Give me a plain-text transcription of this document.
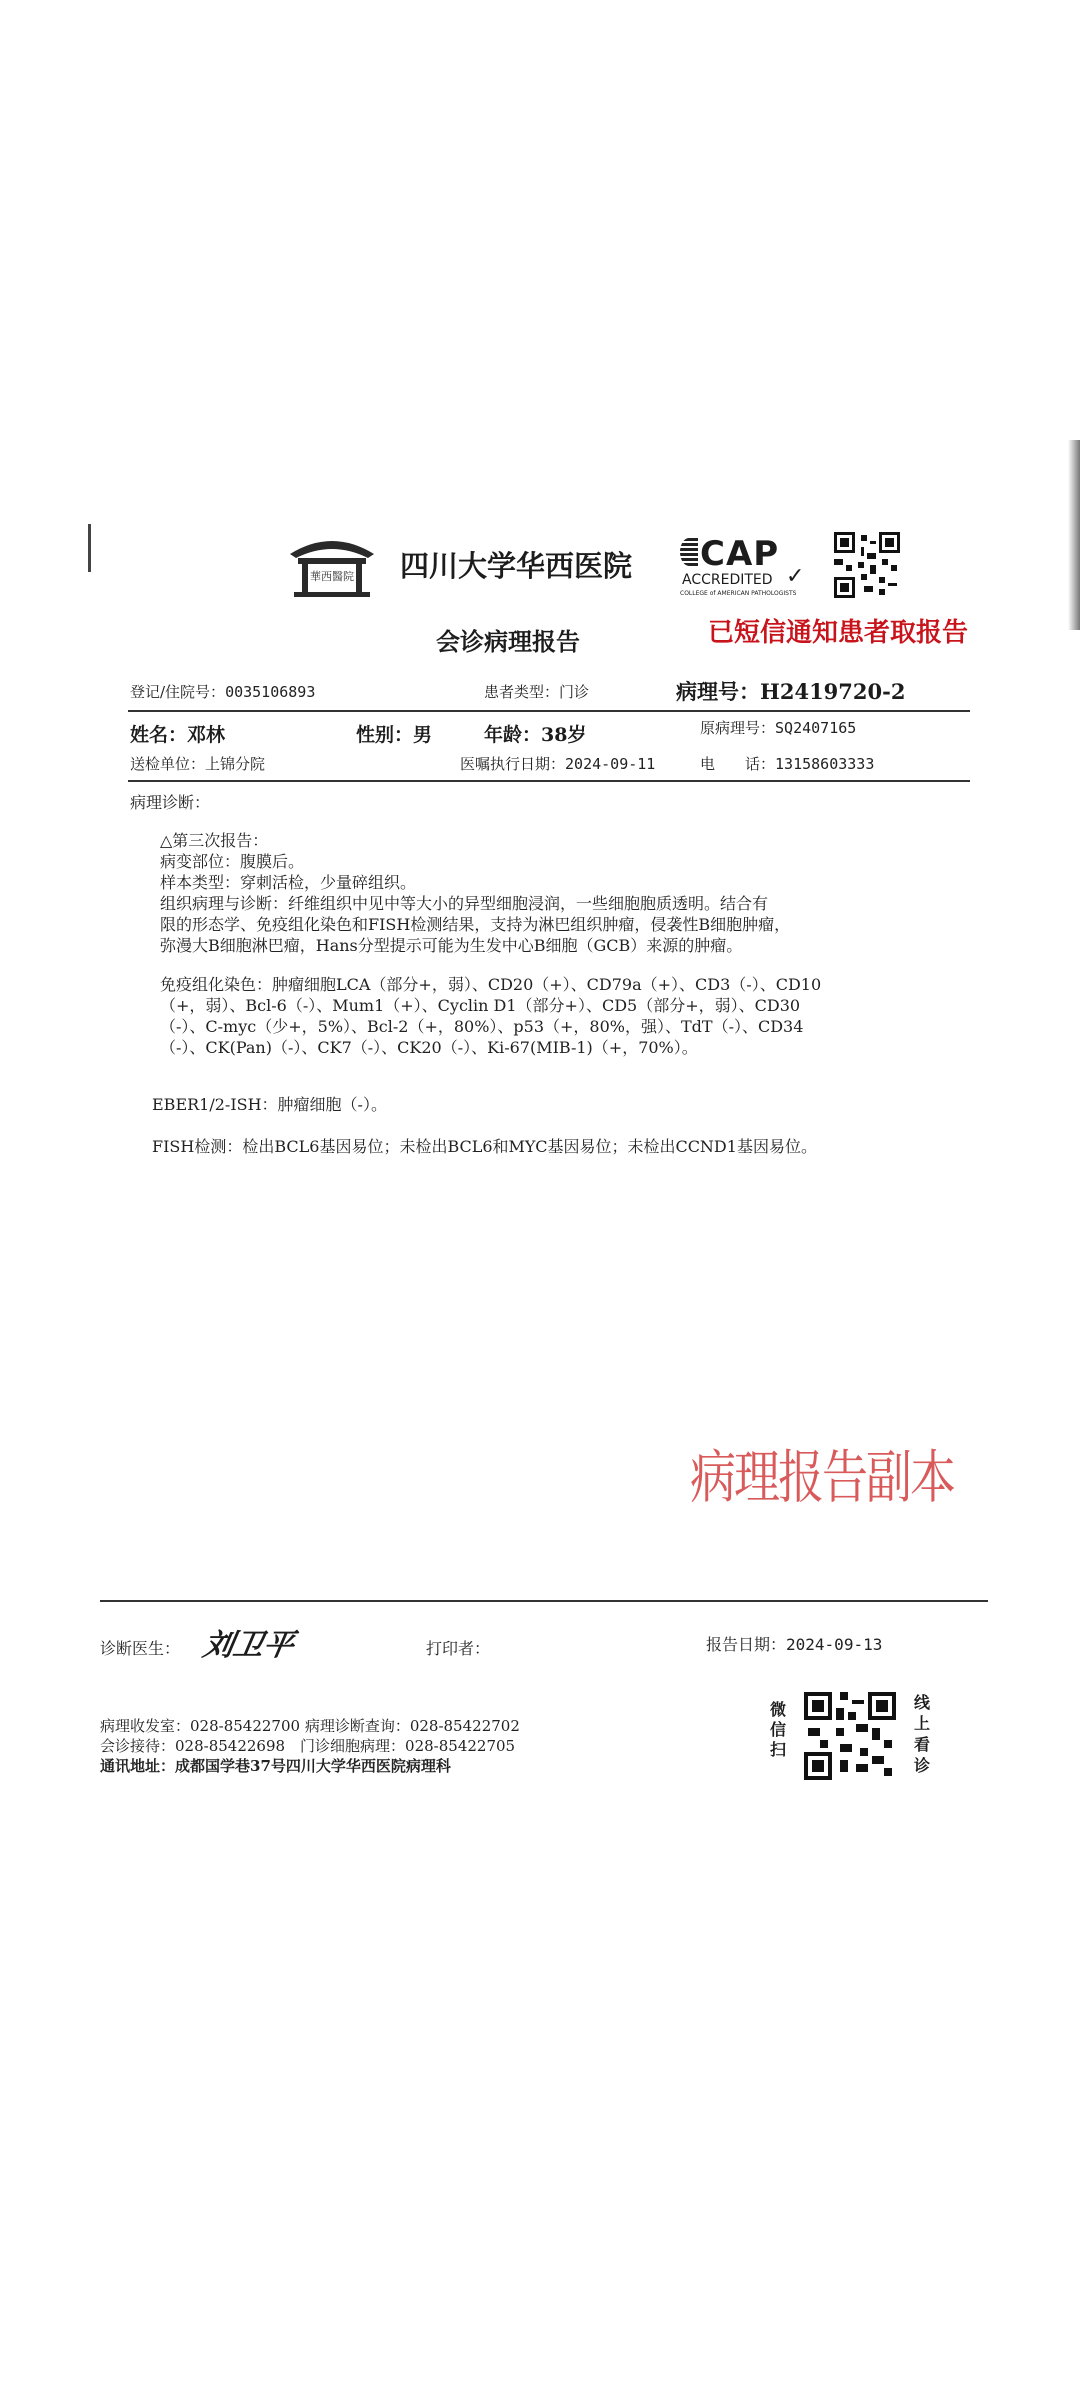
華西醫院 四川大学华西医院 CAP
ACCREDITED ✓
COLLEGE of AMERICAN PATHOLOGISTS
会诊病理报告	已短信通知患者取报告
登记/住院号：0035106893	患者类型：门诊	病理号：H2419720-2
姓名：邓林	性别：男	年龄：38岁	原病理号：SQ2407165
送检单位：上锦分院	医嘱执行日期：2024-09-11	电　　话：13158603333
病理诊断：
△第三次报告：
病变部位：腹膜后。
样本类型：穿刺活检，少量碎组织。
组织病理与诊断：纤维组织中见中等大小的异型细胞浸润，一些细胞胞质透明。结合有
限的形态学、免疫组化染色和FISH检测结果，支持为淋巴组织肿瘤，侵袭性B细胞肿瘤，
弥漫大B细胞淋巴瘤，Hans分型提示可能为生发中心B细胞（GCB）来源的肿瘤。
免疫组化染色：肿瘤细胞LCA（部分+，弱）、CD20（+）、CD79a（+）、CD3（-）、CD10
（+，弱）、Bcl-6（-）、Mum1（+）、Cyclin D1（部分+）、CD5（部分+，弱）、CD30
（-）、C-myc（少+，5%）、Bcl-2（+，80%）、p53（+，80%，强）、TdT（-）、CD34
（-）、CK(Pan)（-）、CK7（-）、CK20（-）、Ki-67(MIB-1)（+，70%）。
EBER1/2-ISH：肿瘤细胞（-）。
FISH检测：检出BCL6基因易位；未检出BCL6和MYC基因易位；未检出CCND1基因易位。
病理报告副本
诊断医生： 刘卫平	打印者：	报告日期：2024-09-13
病理收发室：028-85422700 病理诊断查询：028-85422702
会诊接待：028-85422698　门诊细胞病理：028-85422705
通讯地址：成都国学巷37号四川大学华西医院病理科
微
信
扫
线
上
看
诊
